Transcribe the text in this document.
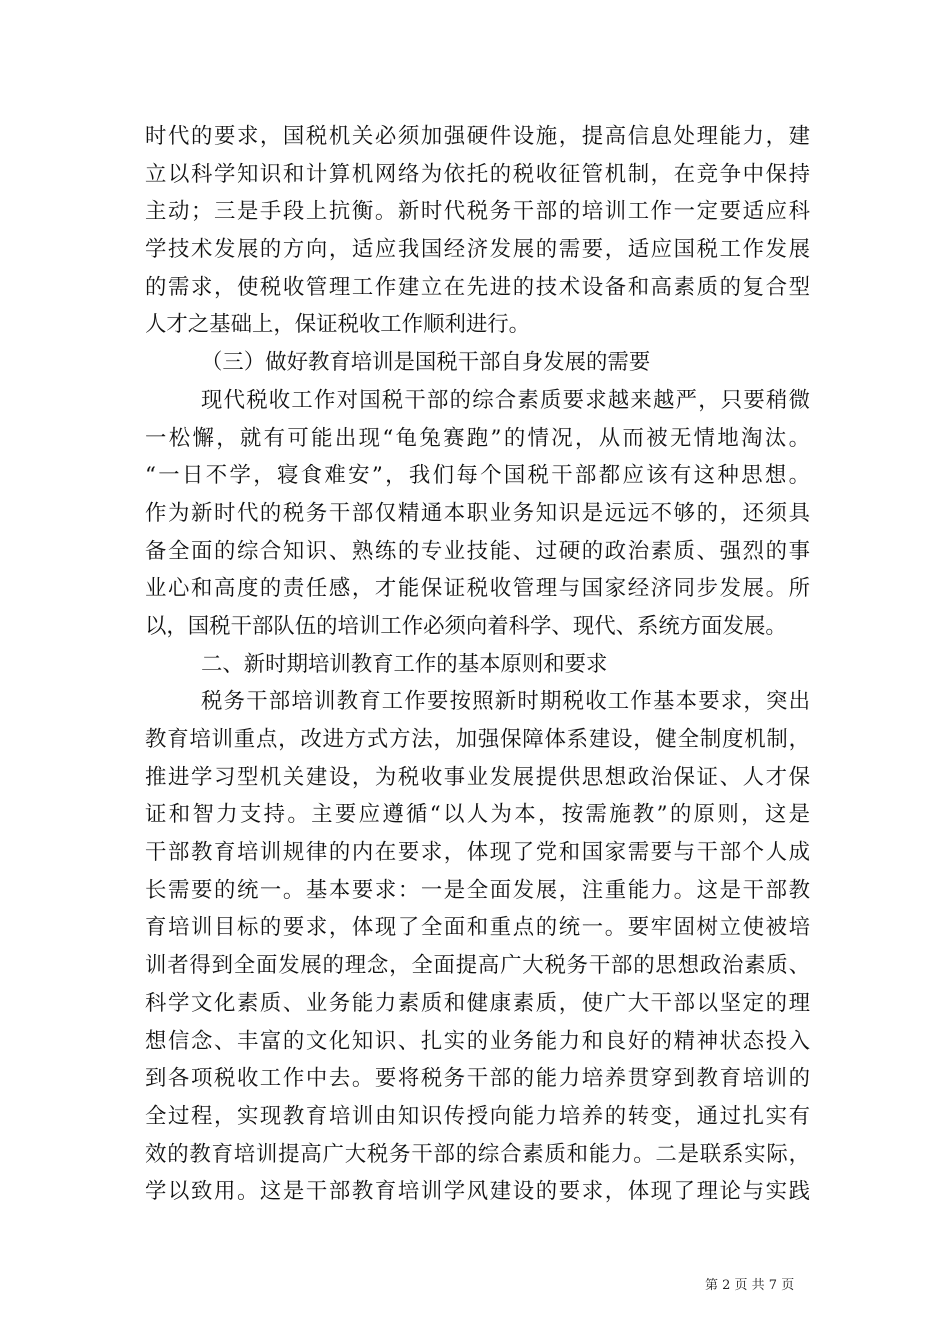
时代的要求，国税机关必须加强硬件设施，提高信息处理能力，建
立以科学知识和计算机网络为依托的税收征管机制，在竞争中保持
主动；三是手段上抗衡。新时代税务干部的培训工作一定要适应科
学技术发展的方向，适应我国经济发展的需要，适应国税工作发展
的需求，使税收管理工作建立在先进的技术设备和高素质的复合型
人才之基础上，保证税收工作顺利进行。
（三）做好教育培训是国税干部自身发展的需要
现代税收工作对国税干部的综合素质要求越来越严，只要稍微
一松懈，就有可能出现“龟兔赛跑”的情况，从而被无情地淘汰。
“一日不学，寝食难安”，我们每个国税干部都应该有这种思想。
作为新时代的税务干部仅精通本职业务知识是远远不够的，还须具
备全面的综合知识、熟练的专业技能、过硬的政治素质、强烈的事
业心和高度的责任感，才能保证税收管理与国家经济同步发展。所
以，国税干部队伍的培训工作必须向着科学、现代、系统方面发展。
二、新时期培训教育工作的基本原则和要求
税务干部培训教育工作要按照新时期税收工作基本要求，突出
教育培训重点，改进方式方法，加强保障体系建设，健全制度机制，
推进学习型机关建设，为税收事业发展提供思想政治保证、人才保
证和智力支持。主要应遵循“以人为本，按需施教”的原则，这是
干部教育培训规律的内在要求，体现了党和国家需要与干部个人成
长需要的统一。基本要求：一是全面发展，注重能力。这是干部教
育培训目标的要求，体现了全面和重点的统一。要牢固树立使被培
训者得到全面发展的理念，全面提高广大税务干部的思想政治素质、
科学文化素质、业务能力素质和健康素质，使广大干部以坚定的理
想信念、丰富的文化知识、扎实的业务能力和良好的精神状态投入
到各项税收工作中去。要将税务干部的能力培养贯穿到教育培训的
全过程，实现教育培训由知识传授向能力培养的转变，通过扎实有
效的教育培训提高广大税务干部的综合素质和能力。二是联系实际，
学以致用。这是干部教育培训学风建设的要求，体现了理论与实践
第 2 页 共 7 页
